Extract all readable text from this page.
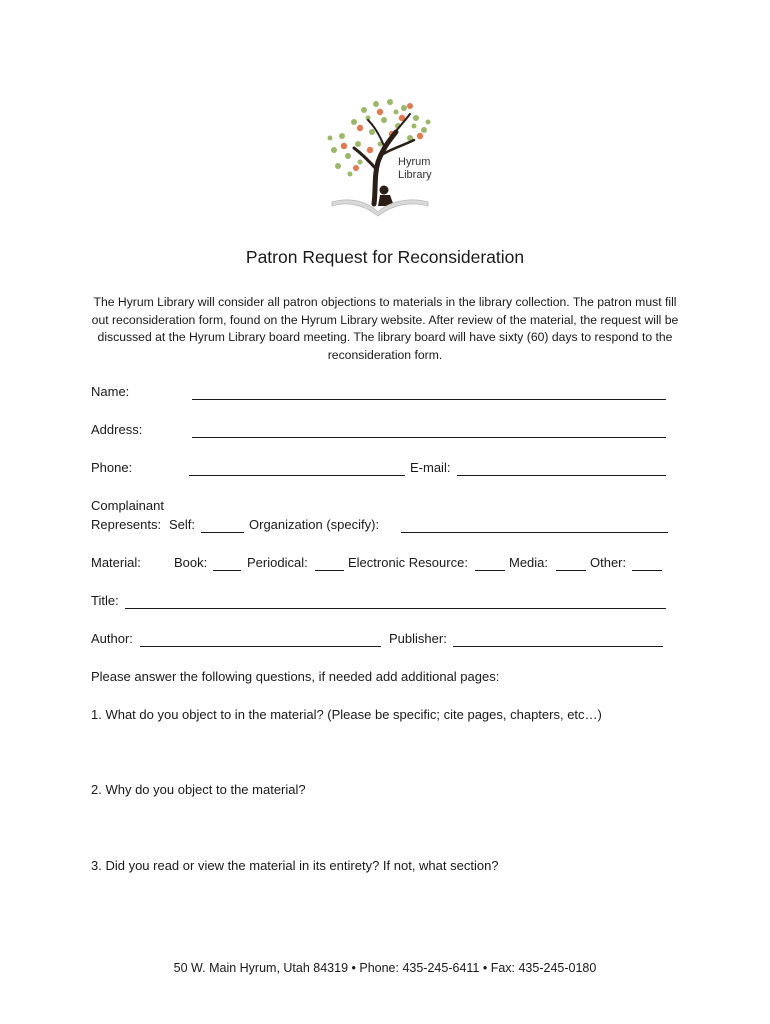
Hyrum
Library
Patron Request for Reconsideration
The Hyrum Library will consider all patron objections to materials in the library collection. The patron must fill out reconsideration form, found on the Hyrum Library website. After review of the material, the request will be discussed at the Hyrum Library board meeting. The library board will have sixty (60) days to respond to the reconsideration form.
Name:
Address:
Phone:	E-mail:
Complainant
Represents: Self:	Organization (specify):
Material:	Book:	Periodical:	Electronic Resource:	Media:	Other:
Title:
Author:	Publisher:
Please answer the following questions, if needed add additional pages:
1. What do you object to in the material? (Please be specific; cite pages, chapters, etc…)
2. Why do you object to the material?
3. Did you read or view the material in its entirety? If not, what section?
50 W. Main Hyrum, Utah 84319 • Phone: 435-245-6411 • Fax: 435-245-0180
